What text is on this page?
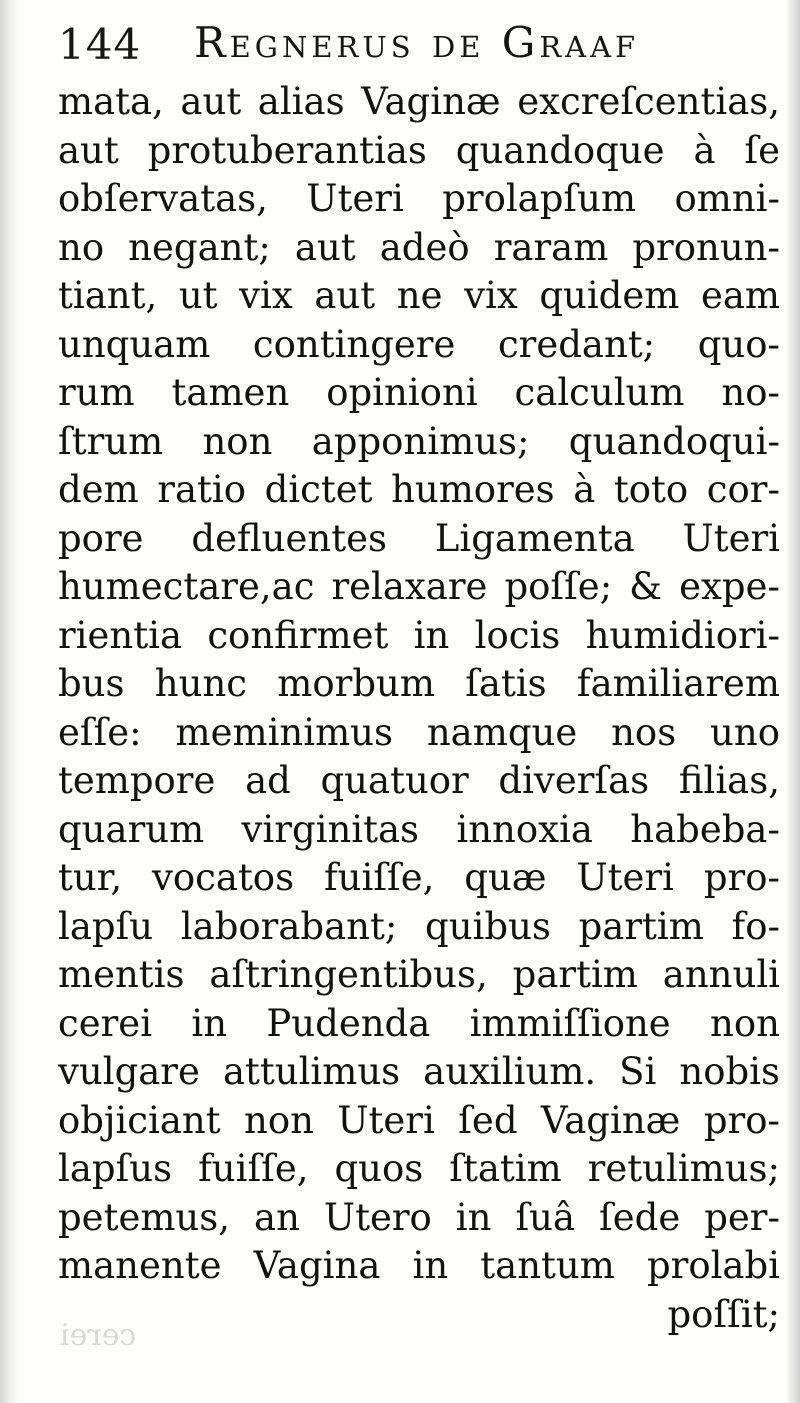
144 Regnerus de Graaf
mata, aut alias Vaginæ excreſcentias,
aut protuberantias quandoque à ſe
obſervatas, Uteri prolapſum omni-
no negant; aut adeò raram pronun-
tiant, ut vix aut ne vix quidem eam
unquam contingere credant; quo-
rum tamen opinioni calculum no-
ſtrum non apponimus; quandoqui-
dem ratio dictet humores à toto cor-
pore defluentes Ligamenta Uteri
humectare,ac relaxare poſſe; & expe-
rientia confirmet in locis humidiori-
bus hunc morbum ſatis familiarem
eſſe: meminimus namque nos uno
tempore ad quatuor diverſas filias,
quarum virginitas innoxia habeba-
tur, vocatos fuiſſe, quæ Uteri pro-
lapſu laborabant; quibus partim fo-
mentis aſtringentibus, partim annuli
cerei in Pudenda immiſſione non
vulgare attulimus auxilium. Si nobis
objiciant non Uteri ſed Vaginæ pro-
lapſus fuiſſe, quos ſtatim retulimus;
petemus, an Utero in ſuâ ſede per-
manente Vagina in tantum prolabi
poſſit;
cerei
